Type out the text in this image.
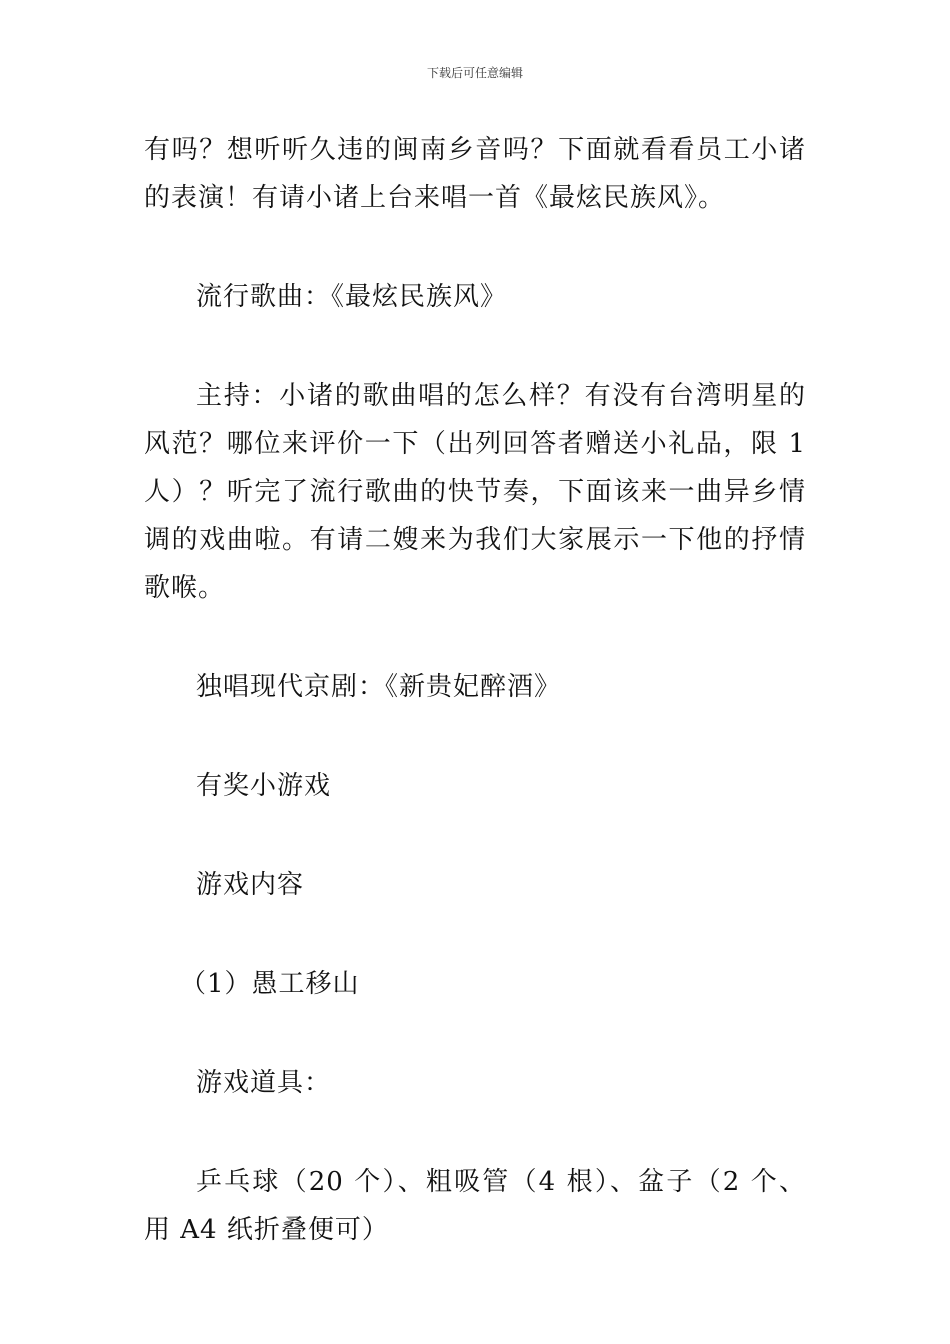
下载后可任意编辑

有吗？想听听久违的闽南乡音吗？下面就看看员工小诸的表演！有请小诸上台来唱一首《最炫民族风》。

流行歌曲：《最炫民族风》

主持：小诸的歌曲唱的怎么样？有没有台湾明星的风范？哪位来评价一下（出列回答者赠送小礼品，限 1 人）？听完了流行歌曲的快节奏，下面该来一曲异乡情调的戏曲啦。有请二嫂来为我们大家展示一下他的抒情歌喉。

独唱现代京剧：《新贵妃醉酒》

有奖小游戏

游戏内容

（1）愚工移山

游戏道具：

乒乓球（20 个）、粗吸管（4 根）、盆子（2 个、用 A4 纸折叠便可）
